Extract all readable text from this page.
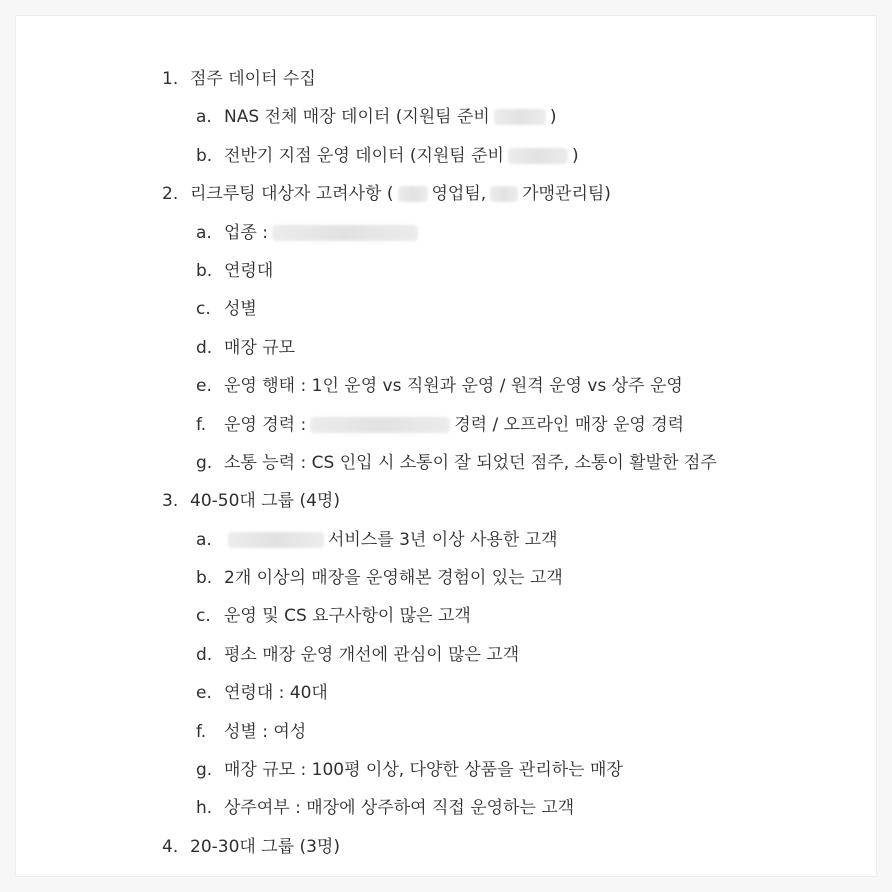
1. 점주 데이터 수집
a. NAS 전체 매장 데이터 (지원팀 준비	)
b. 전반기 지점 운영 데이터 (지원팀 준비	)
2. 리크루팅 대상자 고려사항 ( 영업팀, 가맹관리팀)
a. 업종 :
b. 연령대
c. 성별
d. 매장 규모
e. 운영 행태 : 1인 운영 vs 직원과 운영 / 원격 운영 vs 상주 운영
f. 운영 경력 :	경력 / 오프라인 매장 운영 경력
g. 소통 능력 : CS 인입 시 소통이 잘 되었던 점주, 소통이 활발한 점주
3. 40-50대 그룹 (4명)
a.	서비스를 3년 이상 사용한 고객
b. 2개 이상의 매장을 운영해본 경험이 있는 고객
c. 운영 및 CS 요구사항이 많은 고객
d. 평소 매장 운영 개선에 관심이 많은 고객
e. 연령대 : 40대
f. 성별 : 여성
g. 매장 규모 : 100평 이상, 다양한 상품을 관리하는 매장
h. 상주여부 : 매장에 상주하여 직접 운영하는 고객
4. 20-30대 그룹 (3명)
